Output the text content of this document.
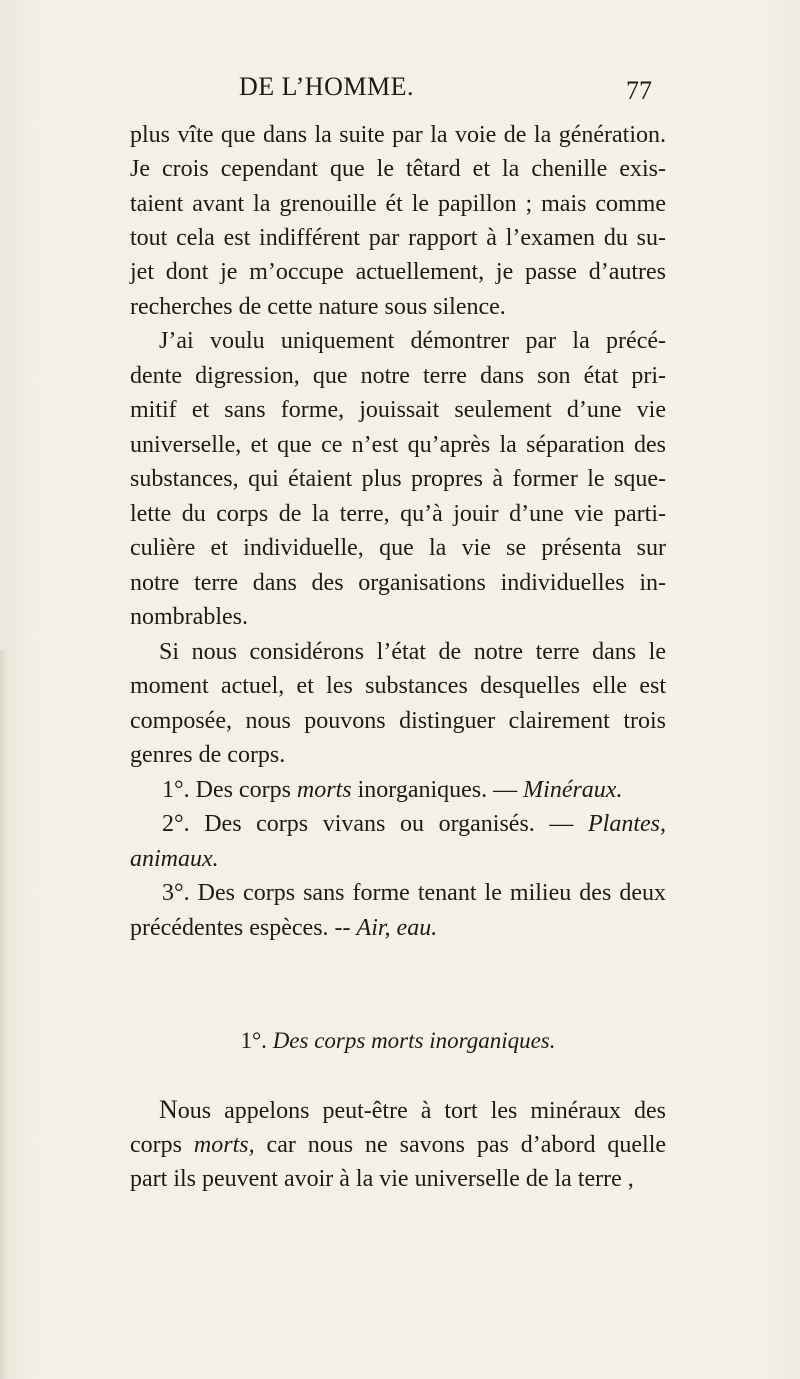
DE L’HOMME.	77
plus vîte que dans la suite par la voie de la génération.
Je crois cependant que le têtard et la chenille exis-
taient avant la grenouille ét le papillon ; mais comme
tout cela est indifférent par rapport à l’examen du su-
jet dont je m’occupe actuellement, je passe d’autres
recherches de cette nature sous silence.
J’ai voulu uniquement démontrer par la précé-
dente digression, que notre terre dans son état pri-
mitif et sans forme, jouissait seulement d’une vie
universelle, et que ce n’est qu’après la séparation des
substances, qui étaient plus propres à former le sque-
lette du corps de la terre, qu’à jouir d’une vie parti-
culière et individuelle, que la vie se présenta sur
notre terre dans des organisations individuelles in-
nombrables.
Si nous considérons l’état de notre terre dans le
moment actuel, et les substances desquelles elle est
composée, nous pouvons distinguer clairement trois
genres de corps.
1°. Des corps morts inorganiques. — Minéraux.
2°. Des corps vivans ou organisés. — Plantes,
animaux.
3°. Des corps sans forme tenant le milieu des deux
précédentes espèces. -- Air, eau.
1°. Des corps morts inorganiques.
Nous appelons peut-être à tort les minéraux des
corps morts, car nous ne savons pas d’abord quelle
part ils peuvent avoir à la vie universelle de la terre ,
